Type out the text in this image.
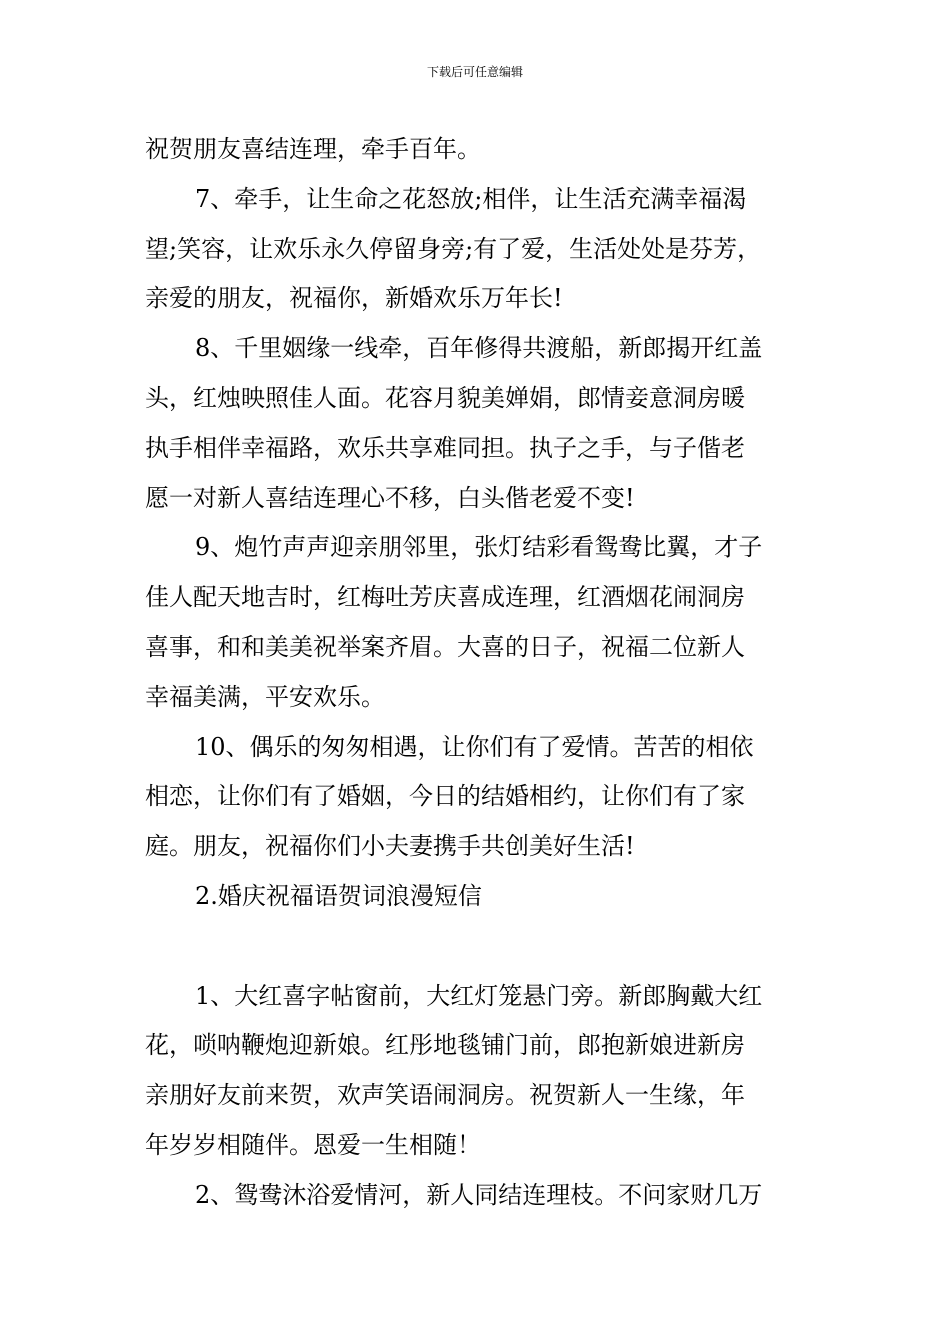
下载后可任意编辑
祝贺朋友喜结连理，牵手百年。
7、牵手，让生命之花怒放;相伴，让生活充满幸福渴
望;笑容，让欢乐永久停留身旁;有了爱，生活处处是芬芳，
亲爱的朋友，祝福你，新婚欢乐万年长!
8、千里姻缘一线牵，百年修得共渡船，新郎揭开红盖
头，红烛映照佳人面。花容月貌美婵娟，郎情妾意洞房暖
执手相伴幸福路，欢乐共享难同担。执子之手，与子偕老
愿一对新人喜结连理心不移，白头偕老爱不变!
9、炮竹声声迎亲朋邻里，张灯结彩看鸳鸯比翼，才子
佳人配天地吉时，红梅吐芳庆喜成连理，红酒烟花闹洞房
喜事，和和美美祝举案齐眉。大喜的日子，祝福二位新人
幸福美满，平安欢乐。
10、偶乐的匆匆相遇，让你们有了爱情。苦苦的相依
相恋，让你们有了婚姻，今日的结婚相约，让你们有了家
庭。朋友，祝福你们小夫妻携手共创美好生活!
2.婚庆祝福语贺词浪漫短信
1、大红喜字帖窗前，大红灯笼悬门旁。新郎胸戴大红
花，唢呐鞭炮迎新娘。红彤地毯铺门前，郎抱新娘进新房
亲朋好友前来贺，欢声笑语闹洞房。祝贺新人一生缘，年
年岁岁相随伴。恩爱一生相随！
2、鸳鸯沐浴爱情河，新人同结连理枝。不问家财几万
